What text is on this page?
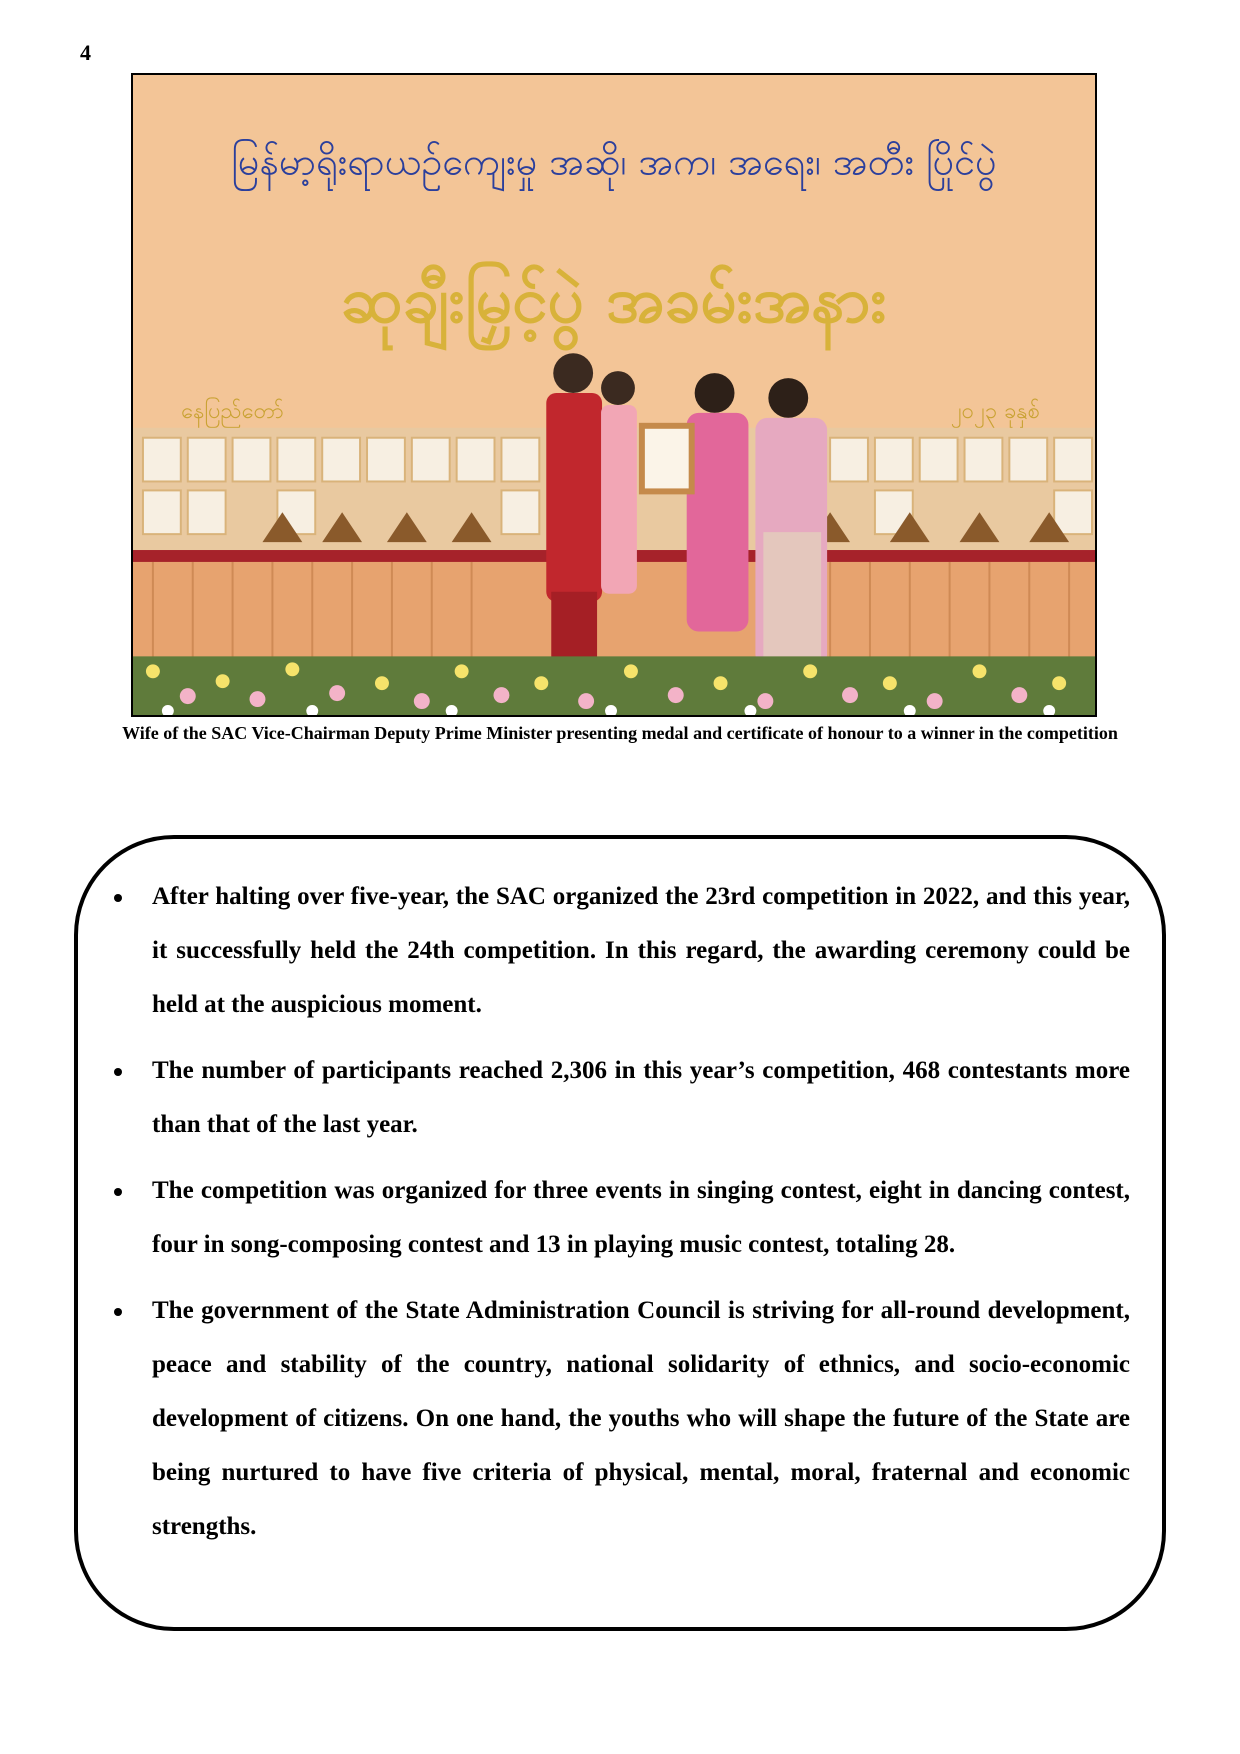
4
မြန်မာ့ရိုးရာယဉ်ကျေးမှု အဆို၊ အက၊ အရေး၊ အတီး ပြိုင်ပွဲ
ဆုချီးမြှင့်ပွဲ အခမ်းအနား
နေပြည်တော်	၂၀၂၃ ခုနှစ်

Wife of the SAC Vice-Chairman Deputy Prime Minister presenting medal and certificate of honour to a winner in the competition

After halting over five-year, the SAC organized the 23rd competition in 2022, and this year, it successfully held the 24th competition. In this regard, the awarding ceremony could be held at the auspicious moment.
The number of participants reached 2,306 in this year’s competition, 468 contestants more than that of the last year.
The competition was organized for three events in singing contest, eight in dancing contest, four in song-composing contest and 13 in playing music contest, totaling 28.
The government of the State Administration Council is striving for all-round development, peace and stability of the country, national solidarity of ethnics, and socio-economic development of citizens. On one hand, the youths who will shape the future of the State are being nurtured to have five criteria of physical, mental, moral, fraternal and economic strengths.
